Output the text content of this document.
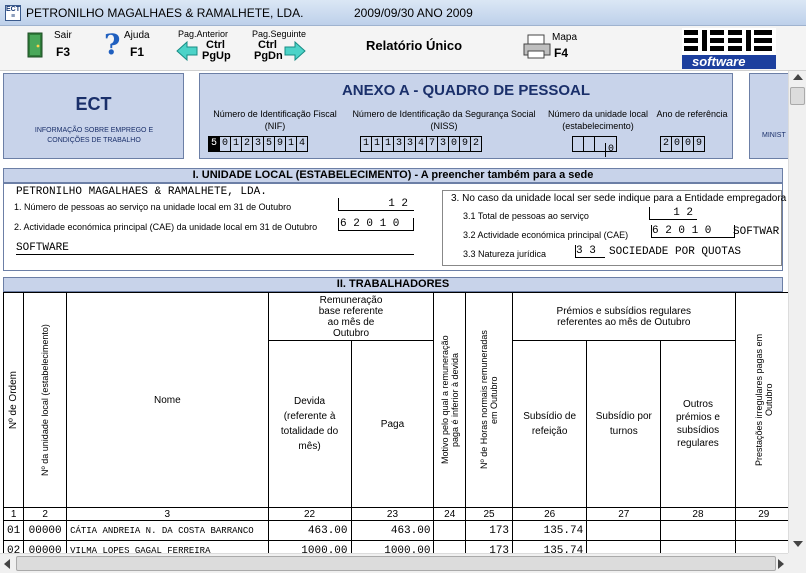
ECT
≡ PETRONILHO MAGALHAES & RAMALHETE, LDA.	2009/09/30 ANO 2009
Sair
F3 ? Ajuda
F1
Pag.Anterior
Ctrl
PgUp
Pag.Seguinte
Ctrl
PgDn
Relatório Único
Mapa
F4
software
ECT
INFORMAÇÃO SOBRE EMPREGO E CONDIÇÕES DE TRABALHO
ANEXO A - QUADRO DE PESSOAL
Número de Identificação Fiscal (NIF)
Número de Identificação da Segurança Social (NISS)
Número da unidade local (estabelecimento)
Ano de referência
5 0 1 2 3 5 9 1 4	1 1 1 3 3 4 7 3 0 9 2
0
2 0 0 9
MINIST
I. UNIDADE LOCAL (ESTABELECIMENTO) - A preencher também para a sede
PETRONILHO MAGALHAES & RAMALHETE, LDA.
1. Número de pessoas ao serviço na unidade local em 31 de Outubro	1 2
2. Actividade económica principal (CAE) da unidade local em 31 de Outubro 6 2 0 1 0
SOFTWARE
3. No caso da unidade local ser sede indique para a Entidade empregadora
3.1 Total de pessoas ao serviço	1 2
3.2 Actividade económica principal (CAE) 6 2 0 1 0	SOFTWAR
3.3 Natureza jurídica	3 3	SOCIEDADE POR QUOTAS
II. TRABALHADORES
Nº de Ordem	Nº da unidade local (estabelecimento)	Nome	Remuneração base referente ao mês de Outubro		Motivo pelo qual a remuneração paga é inferior à devida	Nº de Horas normais remuneradas em Outubro	Prémios e subsídios regulares referentes ao mês de Outubro			Prestações irregulares pagas em Outubro

			Devida (referente à totalidade do mês)	Paga			Subsídio de refeição	Subsídio por turnos	Outros prémios e subsídios regulares	
1	2	3	22	23	24	25	26	27	28	29
01	00000	CÁTIA ANDREIA N. DA COSTA BARRANCO	463.00	463.00		173	135.74			
02	00000	VILMA LOPES GAGAL FERREIRA	1000.00	1000.00		173	135.74			
